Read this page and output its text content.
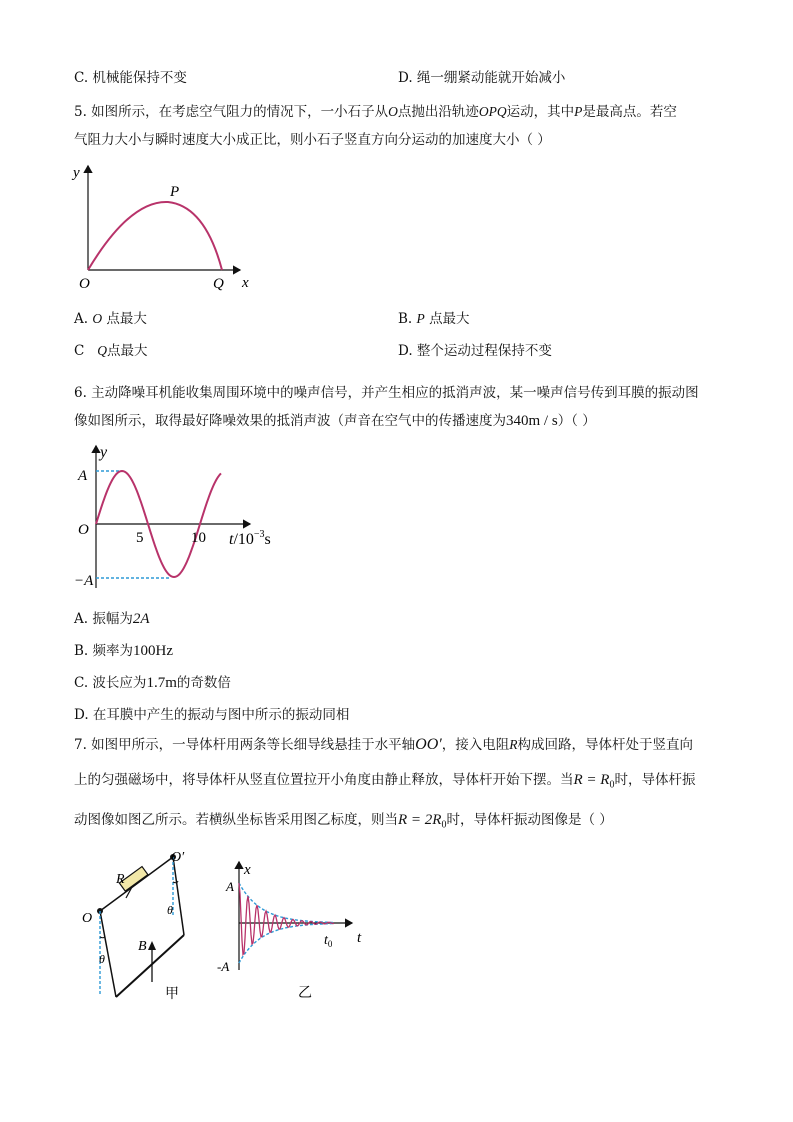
C. 机械能保持不变	D. 绳一绷紧动能就开始减小
5. 如图所示，在考虑空气阻力的情况下，一小石子从O点抛出沿轨迹OPQ运动，其中P是最高点。若空
气阻力大小与瞬时速度大小成正比，则小石子竖直方向分运动的加速度大小（ ）
y
x
O
P
Q
A. O 点最大	B. P 点最大
C Q点最大	D. 整个运动过程保持不变
6. 主动降噪耳机能收集周围环境中的噪声信号，并产生相应的抵消声波，某一噪声信号传到耳膜的振动图
像如图所示，取得最好降噪效果的抵消声波（声音在空气中的传播速度为340m / s）（ ）
A
y
O
−A
5	10 $t/10^{-3}s$
A. 振幅为2A
B. 频率为100Hz
C. 波长应为1.7m的奇数倍
D. 在耳膜中产生的振动与图中所示的振动同相
7. 如图甲所示，一导体杆用两条等长细导线悬挂于水平轴OO′，接入电阻R构成回路，导体杆处于竖直向
上的匀强磁场中，将导体杆从竖直位置拉开小角度由静止释放，导体杆开始下摆。当$R = R_0$时，导体杆振
动图像如图乙所示。若横纵坐标皆采用图乙标度，则当$R = 2R_0$时，导体杆振动图像是（ ）
O
O′
R
θ
θ
B
甲
x
A
-A
$t_0$ t
乙
